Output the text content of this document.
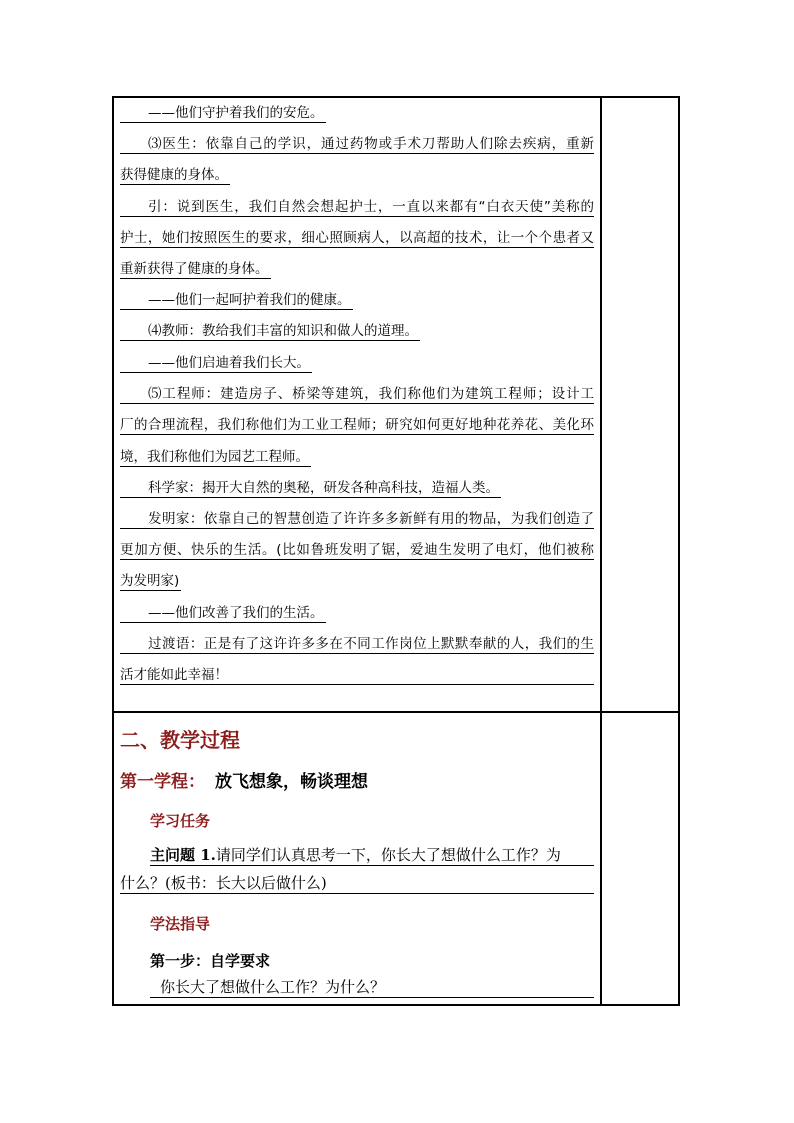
——他们守护着我们的安危。
⑶医生：依靠自己的学识，通过药物或手术刀帮助人们除去疾病，重新
获得健康的身体。
引：说到医生，我们自然会想起护士，一直以来都有“白衣天使”美称的
护士，她们按照医生的要求，细心照顾病人，以高超的技术，让一个个患者又
重新获得了健康的身体。
——他们一起呵护着我们的健康。
⑷教师：教给我们丰富的知识和做人的道理。
——他们启迪着我们长大。
⑸工程师：建造房子、桥梁等建筑，我们称他们为建筑工程师；设计工
厂的合理流程，我们称他们为工业工程师；研究如何更好地种花养花、美化环
境，我们称他们为园艺工程师。
科学家：揭开大自然的奥秘，研发各种高科技，造福人类。
发明家：依靠自己的智慧创造了许许多多新鲜有用的物品，为我们创造了
更加方便、快乐的生活。(比如鲁班发明了锯，爱迪生发明了电灯，他们被称
为发明家)
——他们改善了我们的生活。
过渡语：正是有了这许许多多在不同工作岗位上默默奉献的人，我们的生
活才能如此幸福！
二、教学过程
第一学程： 放飞想象，畅谈理想
学习任务
主问题 1.请同学们认真思考一下，你长大了想做什么工作？为
什么？(板书：长大以后做什么)
学法指导
第一步：自学要求
你长大了想做什么工作？为什么？
